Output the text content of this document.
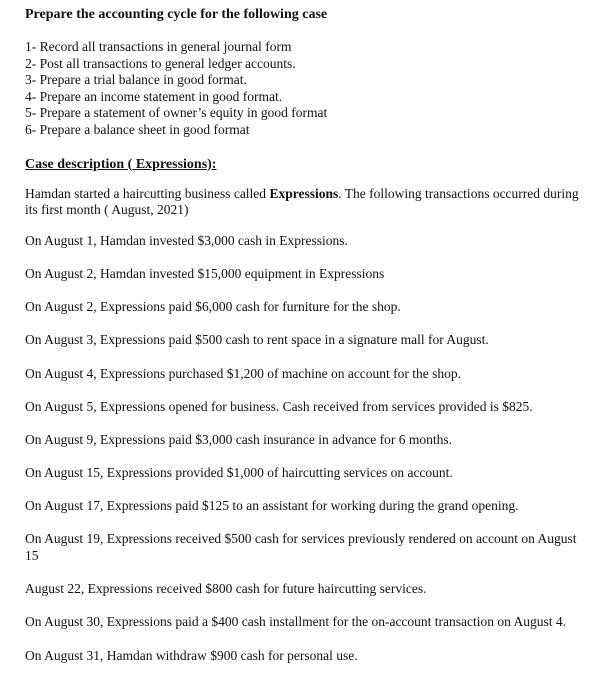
Prepare the accounting cycle for the following case

1- Record all transactions in general journal form
2- Post all transactions to general ledger accounts.
3- Prepare a trial balance in good format.
4- Prepare an income statement in good format.
5- Prepare a statement of owner’s equity in good format
6- Prepare a balance sheet in good format

Case description ( Expressions):

Hamdan started a haircutting business called Expressions. The following transactions occurred during its first month ( August, 2021)

On August 1, Hamdan invested $3,000 cash in Expressions.
On August 2, Hamdan invested $15,000 equipment in Expressions
On August 2, Expressions paid $6,000 cash for furniture for the shop.
On August 3, Expressions paid $500 cash to rent space in a signature mall for August.
On August 4, Expressions purchased $1,200 of machine on account for the shop.
On August 5, Expressions opened for business. Cash received from services provided is $825.
On August 9, Expressions paid $3,000 cash insurance in advance for 6 months.
On August 15, Expressions provided $1,000 of haircutting services on account.
On August 17, Expressions paid $125 to an assistant for working during the grand opening.
On August 19, Expressions received $500 cash for services previously rendered on account on August 15
August 22, Expressions received $800 cash for future haircutting services.
On August 30, Expressions paid a $400 cash installment for the on-account transaction on August 4.
On August 31, Hamdan withdraw $900 cash for personal use.
